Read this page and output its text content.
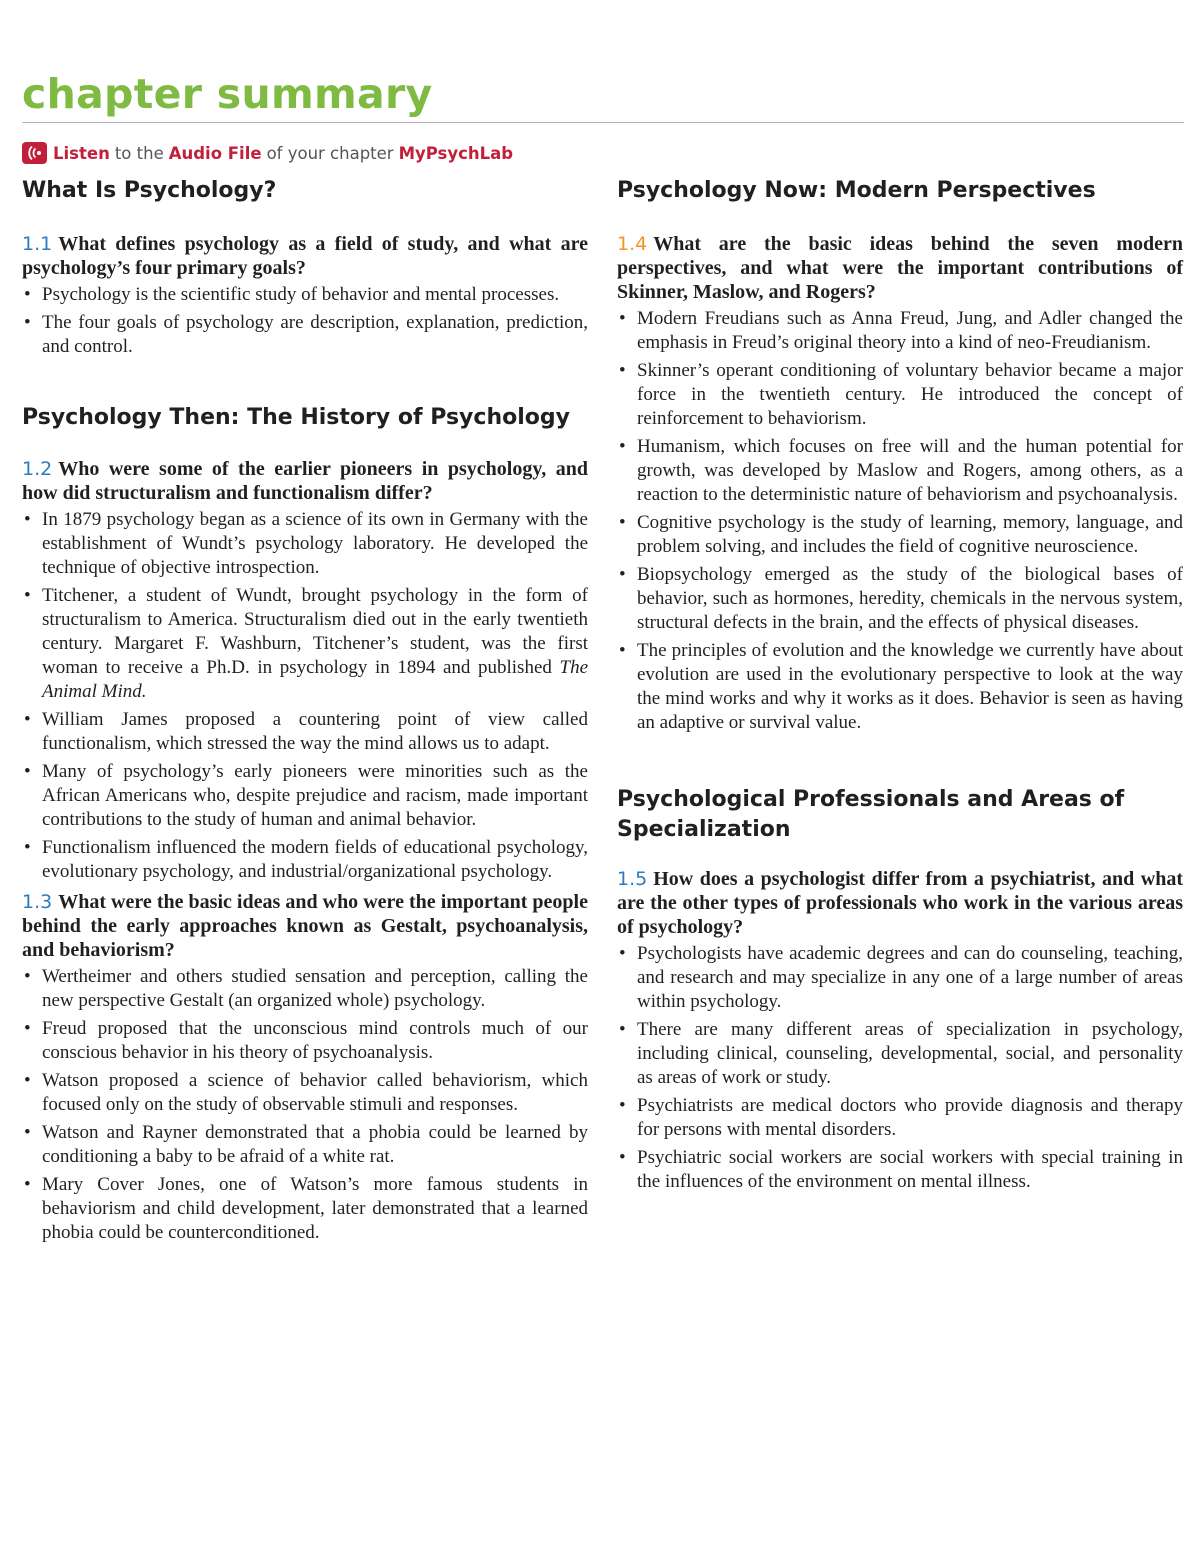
chapter summary
Listen to the Audio File of your chapter MyPsychLab
What Is Psychology?

1.1 What defines psychology as a field of study, and what are psychology’s four primary goals?

• Psychology is the scientific study of behavior and mental processes.
• The four goals of psychology are description, explanation, prediction, and control.
Psychology Then: The History of Psychology

1.2 Who were some of the earlier pioneers in psychology, and how did structuralism and functionalism differ?

• In 1879 psychology began as a science of its own in Germany with the establishment of Wundt’s psychology laboratory. He developed the technique of objective introspection.
• Titchener, a student of Wundt, brought psychology in the form of structuralism to America. Structuralism died out in the early twentieth century. Margaret F. Washburn, Titchener’s student, was the first woman to receive a Ph.D. in psychology in 1894 and published The Animal Mind.
• William James proposed a countering point of view called functionalism, which stressed the way the mind allows us to adapt.
• Many of psychology’s early pioneers were minorities such as the African Americans who, despite prejudice and racism, made important contributions to the study of human and animal behavior.
• Functionalism influenced the modern fields of educational psychology, evolutionary psychology, and industrial/organizational psychology.

1.3 What were the basic ideas and who were the important people behind the early approaches known as Gestalt, psychoanalysis, and behaviorism?

• Wertheimer and others studied sensation and perception, calling the new perspective Gestalt (an organized whole) psychology.
• Freud proposed that the unconscious mind controls much of our conscious behavior in his theory of psychoanalysis.
• Watson proposed a science of behavior called behaviorism, which focused only on the study of observable stimuli and responses.
• Watson and Rayner demonstrated that a phobia could be learned by conditioning a baby to be afraid of a white rat.
• Mary Cover Jones, one of Watson’s more famous students in behaviorism and child development, later demonstrated that a learned phobia could be counterconditioned.
Psychology Now: Modern Perspectives

1.4 What are the basic ideas behind the seven modern perspectives, and what were the important contributions of Skinner, Maslow, and Rogers?

• Modern Freudians such as Anna Freud, Jung, and Adler changed the emphasis in Freud’s original theory into a kind of neo-Freudianism.
• Skinner’s operant conditioning of voluntary behavior became a major force in the twentieth century. He introduced the concept of reinforcement to behaviorism.
• Humanism, which focuses on free will and the human potential for growth, was developed by Maslow and Rogers, among others, as a reaction to the deterministic nature of behaviorism and psychoanalysis.
• Cognitive psychology is the study of learning, memory, language, and problem solving, and includes the field of cognitive neuroscience.
• Biopsychology emerged as the study of the biological bases of behavior, such as hormones, heredity, chemicals in the nervous system, structural defects in the brain, and the effects of physical diseases.
• The principles of evolution and the knowledge we currently have about evolution are used in the evolutionary perspective to look at the way the mind works and why it works as it does. Behavior is seen as having an adaptive or survival value.
Psychological Professionals and Areas of Specialization

1.5 How does a psychologist differ from a psychiatrist, and what are the other types of professionals who work in the various areas of psychology?

• Psychologists have academic degrees and can do counseling, teaching, and research and may specialize in any one of a large number of areas within psychology.
• There are many different areas of specialization in psychology, including clinical, counseling, developmental, social, and personality as areas of work or study.
• Psychiatrists are medical doctors who provide diagnosis and therapy for persons with mental disorders.
• Psychiatric social workers are social workers with special training in the influences of the environment on mental illness.
